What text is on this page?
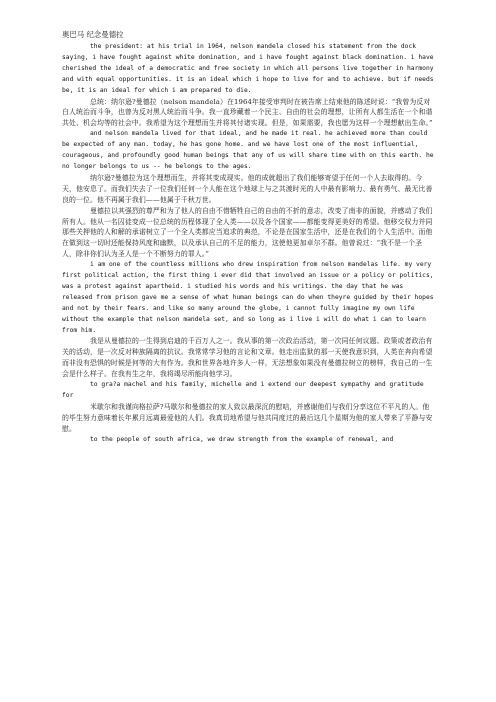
奥巴马 纪念曼德拉

the president: at his trial in 1964, nelson mandela closed his statement from the dock saying, i have fought against white domination, and i have fought against black domination. i have cherished the ideal of a democratic and free society in which all persons live together in harmony and with equal opportunities. it is an ideal which i hope to live for and to achieve. but if needs be, it is an ideal for which i am prepared to die.

总统：纳尔逊?曼德拉（nelson mandela）在1964年接受审判时在被告席上结束他的陈述时说：“我曾为反对白人统治而斗争，也曾为反对黑人统治而斗争。我一直珍藏着一个民主、自由的社会的理想，让所有人都生活在一个和谐共处、机会均等的社会中。我希望为这个理想而生并将其付诸实现。但是，如果需要，我也愿为这样一个理想献出生命。”

and nelson mandela lived for that ideal, and he made it real. he achieved more than could be expected of any man. today, he has gone home. and we have lost one of the most influential, courageous, and profoundly good human beings that any of us will share time with on this earth. he no longer belongs to us -- he belongs to the ages.

纳尔逊?曼德拉为这个理想而生，并将其变成现实。他的成就超出了我们能够寄望于任何一个人去取得的。今天，他安息了。而我们失去了一位我们任何一个人能在这个地球上与之共渡时光的人中最有影响力、最有勇气、最无比善良的一位。他不再属于我们——他属于千秋万世。

曼德拉以其强烈的尊严和为了他人的自由不惜牺牲自己的自由的不折的意志，改变了南非的面貌，并感动了我们所有人。他从一名囚徒变成一位总统的历程体现了全人类——以及各个国家——都能变得更美好的希望。他移交权力并同那些关押他的人和解的承诺树立了一个全人类都应当追求的典范，不论是在国家生活中，还是在我们的个人生活中。而他在做到这一切时还能保持风度和幽默，以及承认自己的不足的能力，这使他更加卓尔不群。他曾说过：“我不是一个圣人，除非你们认为圣人是一个不断努力的罪人。”

i am one of the countless millions who drew inspiration from nelson mandelas life. my very first political action, the first thing i ever did that involved an issue or a policy or politics, was a protest against apartheid. i studied his words and his writings. the day that he was released from prison gave me a sense of what human beings can do when theyre guided by their hopes and not by their fears. and like so many around the globe, i cannot fully imagine my own life without the example that nelson mandela set, and so long as i live i will do what i can to learn from him.

我是从曼德拉的一生得到启迪的千百万人之一。我从事的第一次政治活动，第一次同任何议题、政策或者政治有关的活动，是一次反对种族隔离的抗议。我常常学习他的言论和文章。他走出监狱的那一天使我意识到，人类在奔向希望而非没有恐惧的时候是何等的大有作为。我和世界各地许多人一样，无法想象如果没有曼德拉树立的榜样，我自己的一生会是什么样子。在我有生之年，我将竭尽所能向他学习。

to gra?a machel and his family, michelle and i extend our deepest sympathy and gratitude for

米歇尔和我谨向格拉萨?马歇尔和曼德拉的家人致以最深沉的慰唁，并感谢他们与我们分享这位不平凡的人。他的毕生努力意味着长年累月远离最爱他的人们。我真切地希望与他共同度过的最后这几个星期为他的家人带来了平静与安慰。

to the people of south africa, we draw strength from the example of renewal, and
